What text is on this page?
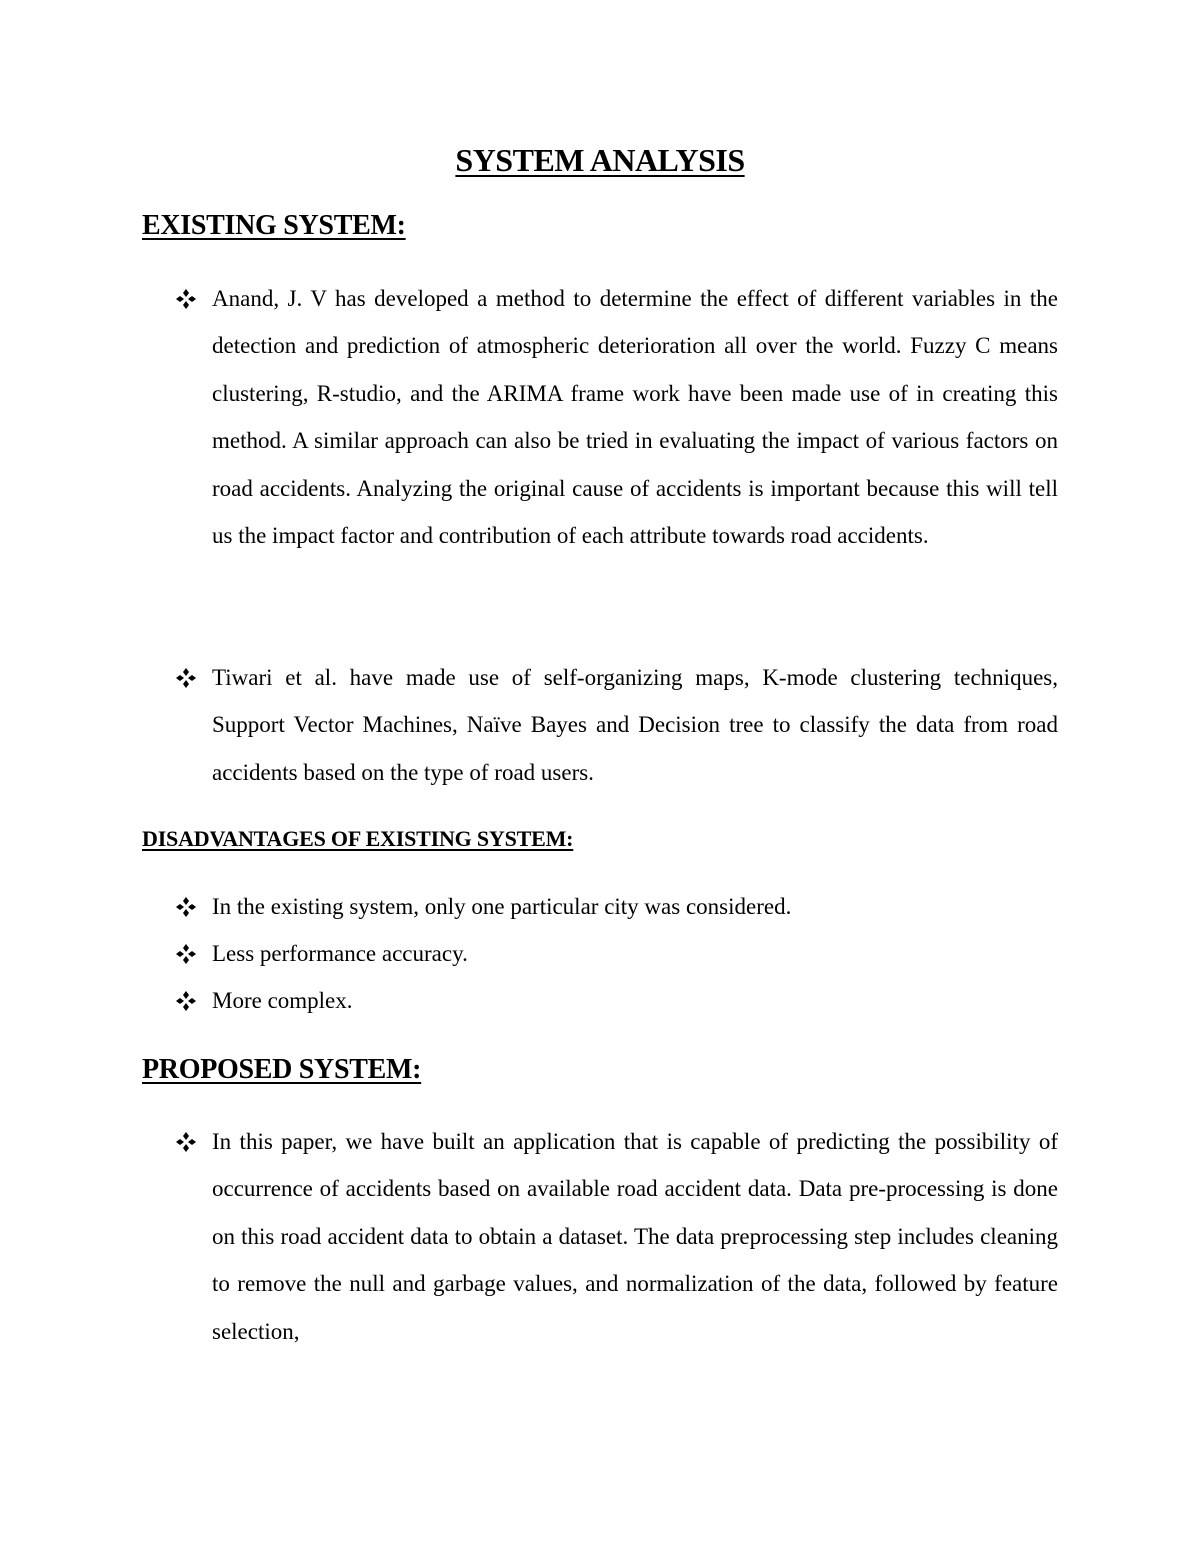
SYSTEM ANALYSIS
EXISTING SYSTEM:
Anand, J. V has developed a method to determine the effect of different variables in the detection and prediction of atmospheric deterioration all over the world. Fuzzy C means clustering, R-studio, and the ARIMA frame work have been made use of in creating this method. A similar approach can also be tried in evaluating the impact of various factors on road accidents. Analyzing the original cause of accidents is important because this will tell us the impact factor and contribution of each attribute towards road accidents.
Tiwari et al. have made use of self-organizing maps, K-mode clustering techniques, Support Vector Machines, Naïve Bayes and Decision tree to classify the data from road accidents based on the type of road users.
DISADVANTAGES OF EXISTING SYSTEM:
In the existing system, only one particular city was considered.
Less performance accuracy.
More complex.
PROPOSED SYSTEM:
In this paper, we have built an application that is capable of predicting the possibility of occurrence of accidents based on available road accident data. Data pre-processing is done on this road accident data to obtain a dataset. The data preprocessing step includes cleaning to remove the null and garbage values, and normalization of the data, followed by feature selection,
